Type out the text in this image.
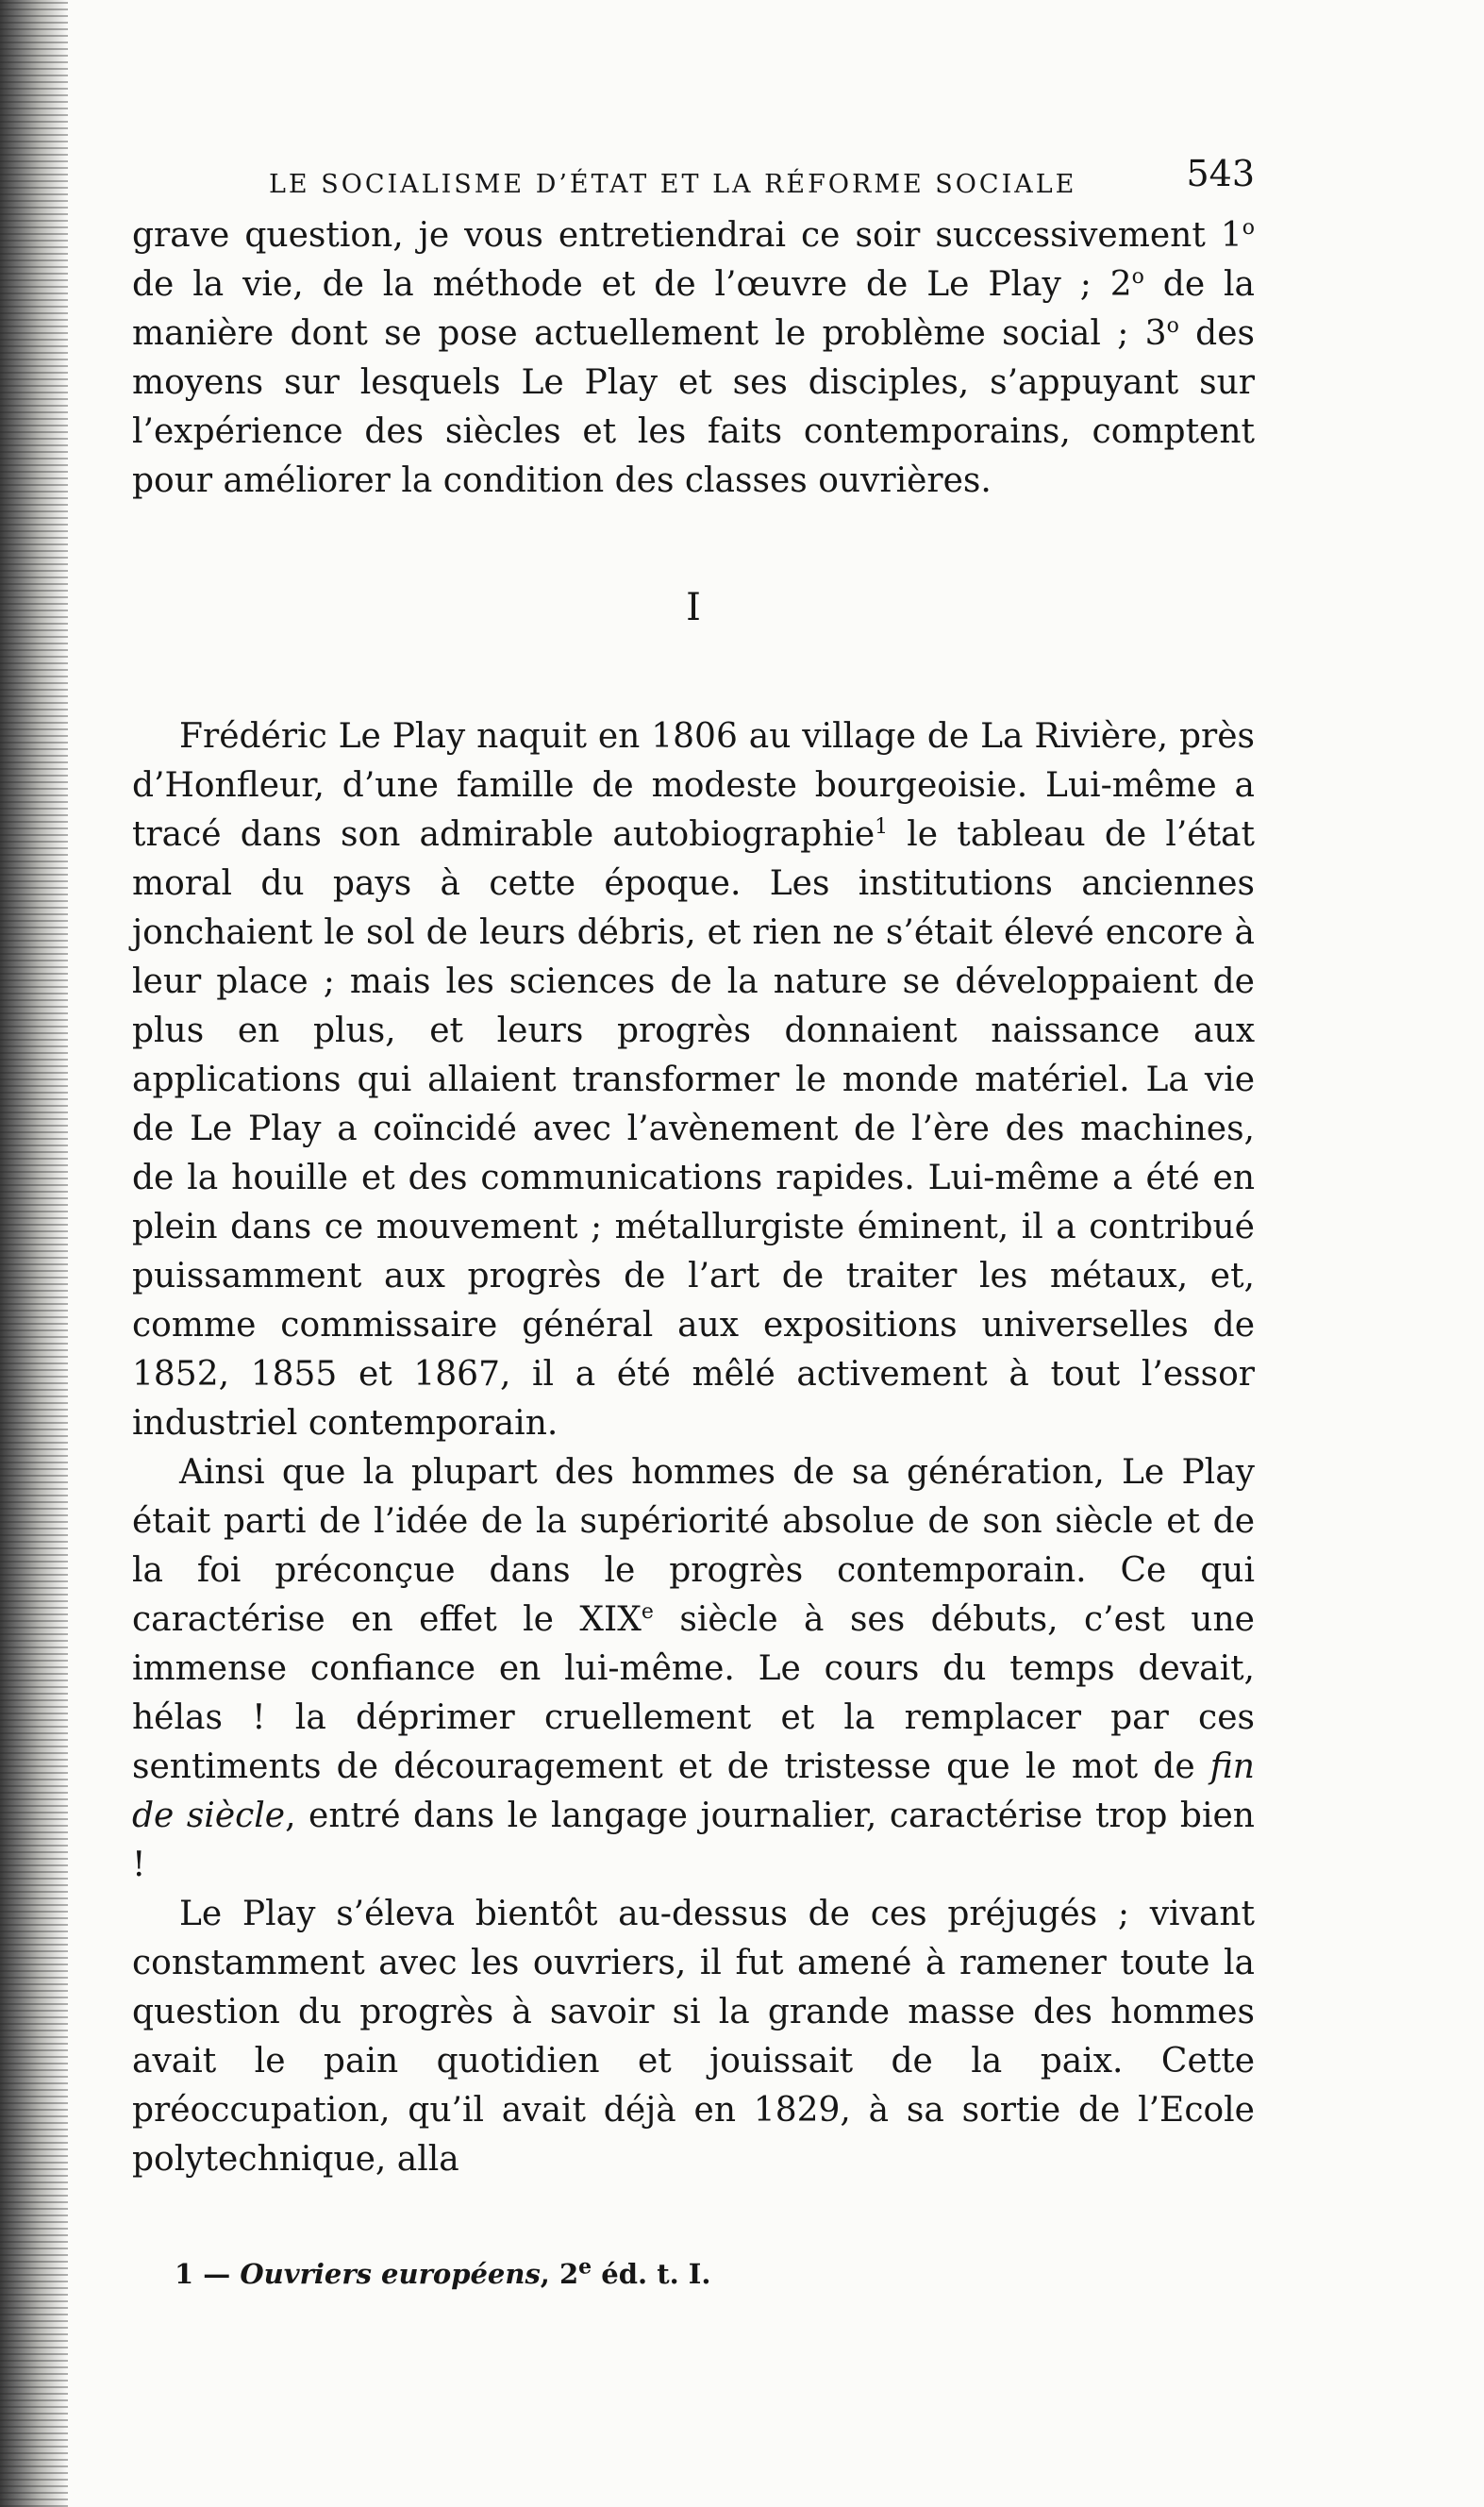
LE SOCIALISME D’ÉTAT ET LA RÉFORME SOCIALE	543

grave question, je vous entretiendrai ce soir successivement 1$^o$ de la vie, de la méthode et de l’œuvre de Le Play ; 2$^o$ de la manière dont se pose actuellement le problème social ; 3$^o$ des moyens sur lesquels Le Play et ses disciples, s’appuyant sur l’expérience des siècles et les faits contemporains, comptent pour améliorer la condition des classes ouvrières.

I

Frédéric Le Play naquit en 1806 au village de La Rivière, près d’Honfleur, d’une famille de modeste bourgeoisie. Lui-même a tracé dans son admirable autobiographie$^1$ le tableau de l’état moral du pays à cette époque. Les institutions anciennes jonchaient le sol de leurs débris, et rien ne s’était élevé encore à leur place ; mais les sciences de la nature se développaient de plus en plus, et leurs progrès donnaient naissance aux applications qui allaient transformer le monde matériel. La vie de Le Play a coïncidé avec l’avènement de l’ère des machines, de la houille et des communications rapides. Lui-même a été en plein dans ce mouvement ; métallurgiste éminent, il a contribué puissamment aux progrès de l’art de traiter les métaux, et, comme commissaire général aux expositions universelles de 1852, 1855 et 1867, il a été mêlé activement à tout l’essor industriel contemporain.

Ainsi que la plupart des hommes de sa génération, Le Play était parti de l’idée de la supériorité absolue de son siècle et de la foi préconçue dans le progrès contemporain. Ce qui caractérise en effet le XIXe siècle à ses débuts, c’est une immense confiance en lui-même. Le cours du temps devait, hélas ! la déprimer cruellement et la remplacer par ces sentiments de découragement et de tristesse que le mot de fin de siècle, entré dans le langage journalier, caractérise trop bien !

Le Play s’éleva bientôt au-dessus de ces préjugés ; vivant constamment avec les ouvriers, il fut amené à ramener toute la question du progrès à savoir si la grande masse des hommes avait le pain quotidien et jouissait de la paix. Cette préoccupation, qu’il avait déjà en 1829, à sa sortie de l’Ecole polytechnique, alla

1 — Ouvriers européens, 2e éd. t. I.
